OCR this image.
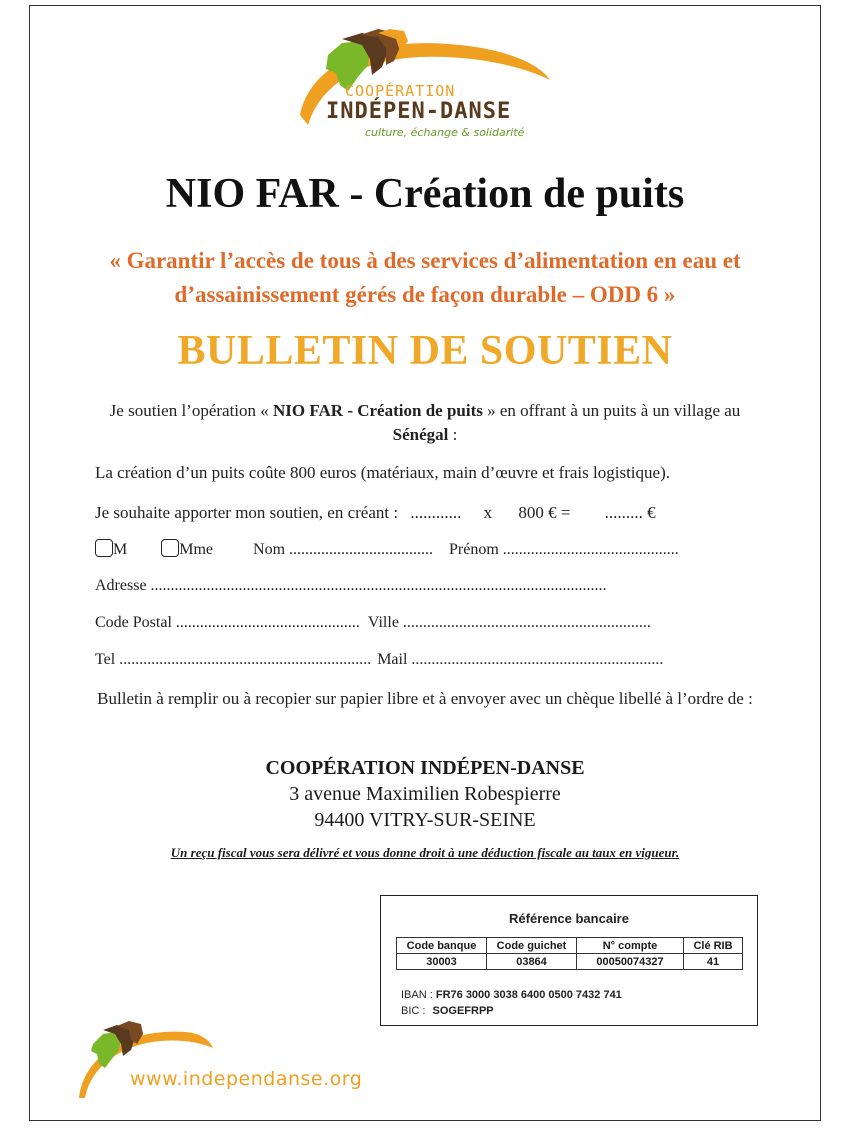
COOPÉRATION
INDÉPEN-DANSE
culture, échange & solidarité
NIO FAR - Création de puits
« Garantir l’accès de tous à des services d’alimentation en eau et d’assainissement gérés de façon durable – ODD 6 »
BULLETIN DE SOUTIEN
Je soutien l’opération « NIO FAR - Création de puits » en offrant à un puits à un village au Sénégal :
La création d’un puits coûte 800 euros (matériaux, main d’œuvre et frais logistique).
Je souhaite apporter mon soutien, en créant : ............ x 800 € = ......... €
M	Mme	Nom .................................... Prénom ............................................
Adresse ..................................................................................................................
Code Postal .............................................. Ville ..............................................................
Tel ............................................................... Mail ...............................................................
Bulletin à remplir ou à recopier sur papier libre et à envoyer avec un chèque libellé à l’ordre de :
COOPÉRATION INDÉPEN-DANSE
3 avenue Maximilien Robespierre
94400 VITRY-SUR-SEINE
Un reçu fiscal vous sera délivré et vous donne droit à une déduction fiscale au taux en vigueur.
Référence bancaire
Code banque	Code guichet	N° compte	Clé RIB
30003	03864	00050074327	41
IBAN : FR76 3000 3038 6400 0500 7432 741
BIC : SOGEFRPP
www.independanse.org
